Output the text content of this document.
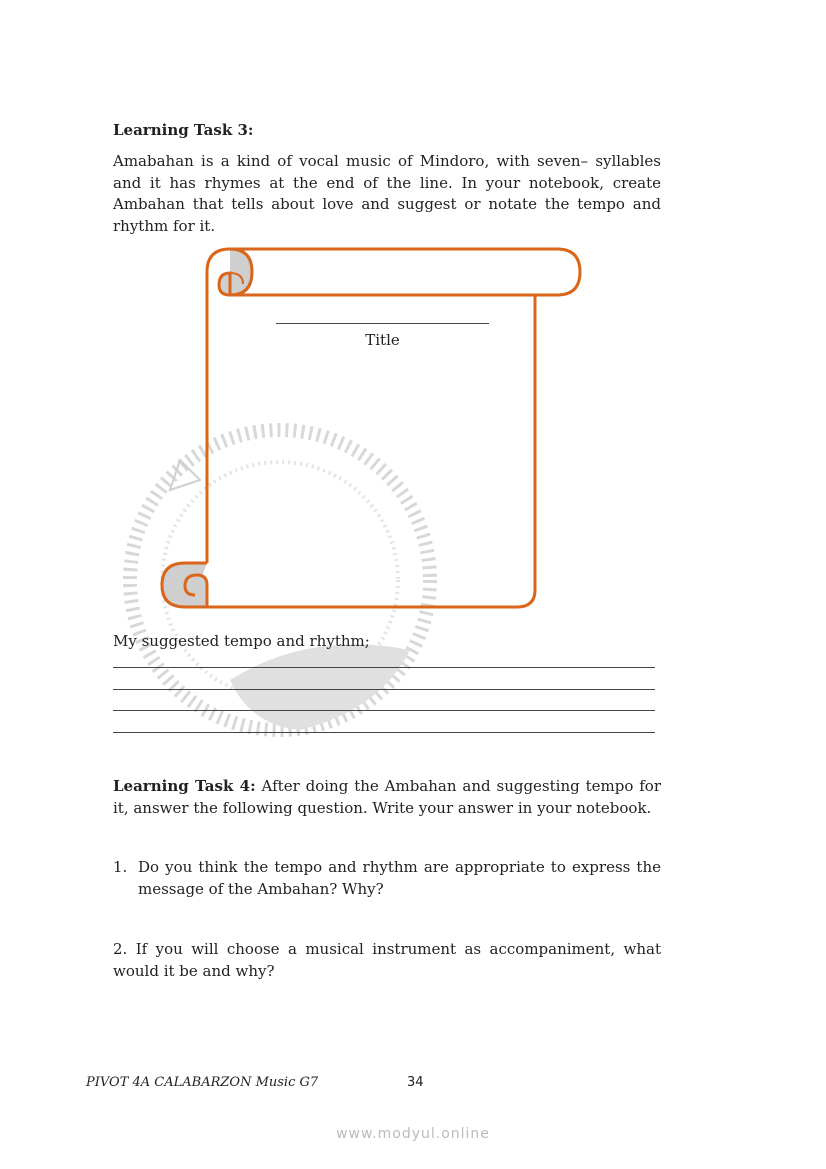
Learning Task 3:
Amabahan is a kind of vocal music of Mindoro, with seven– syllables and it has rhymes at the end of the line. In your notebook, create Ambahan that tells about love and suggest or notate the tempo and rhythm for it.
Title
My suggested tempo and rhythm;
Learning Task 4: After doing the Ambahan and suggesting tempo for it, answer the following question. Write your answer in your notebook.
1. Do you think the tempo and rhythm are appropriate to express the message of the Ambahan? Why?
2. If you will choose a musical instrument as accompaniment, what would it be and why?
PIVOT 4A CALABARZON Music G7	34
www.modyul.online
